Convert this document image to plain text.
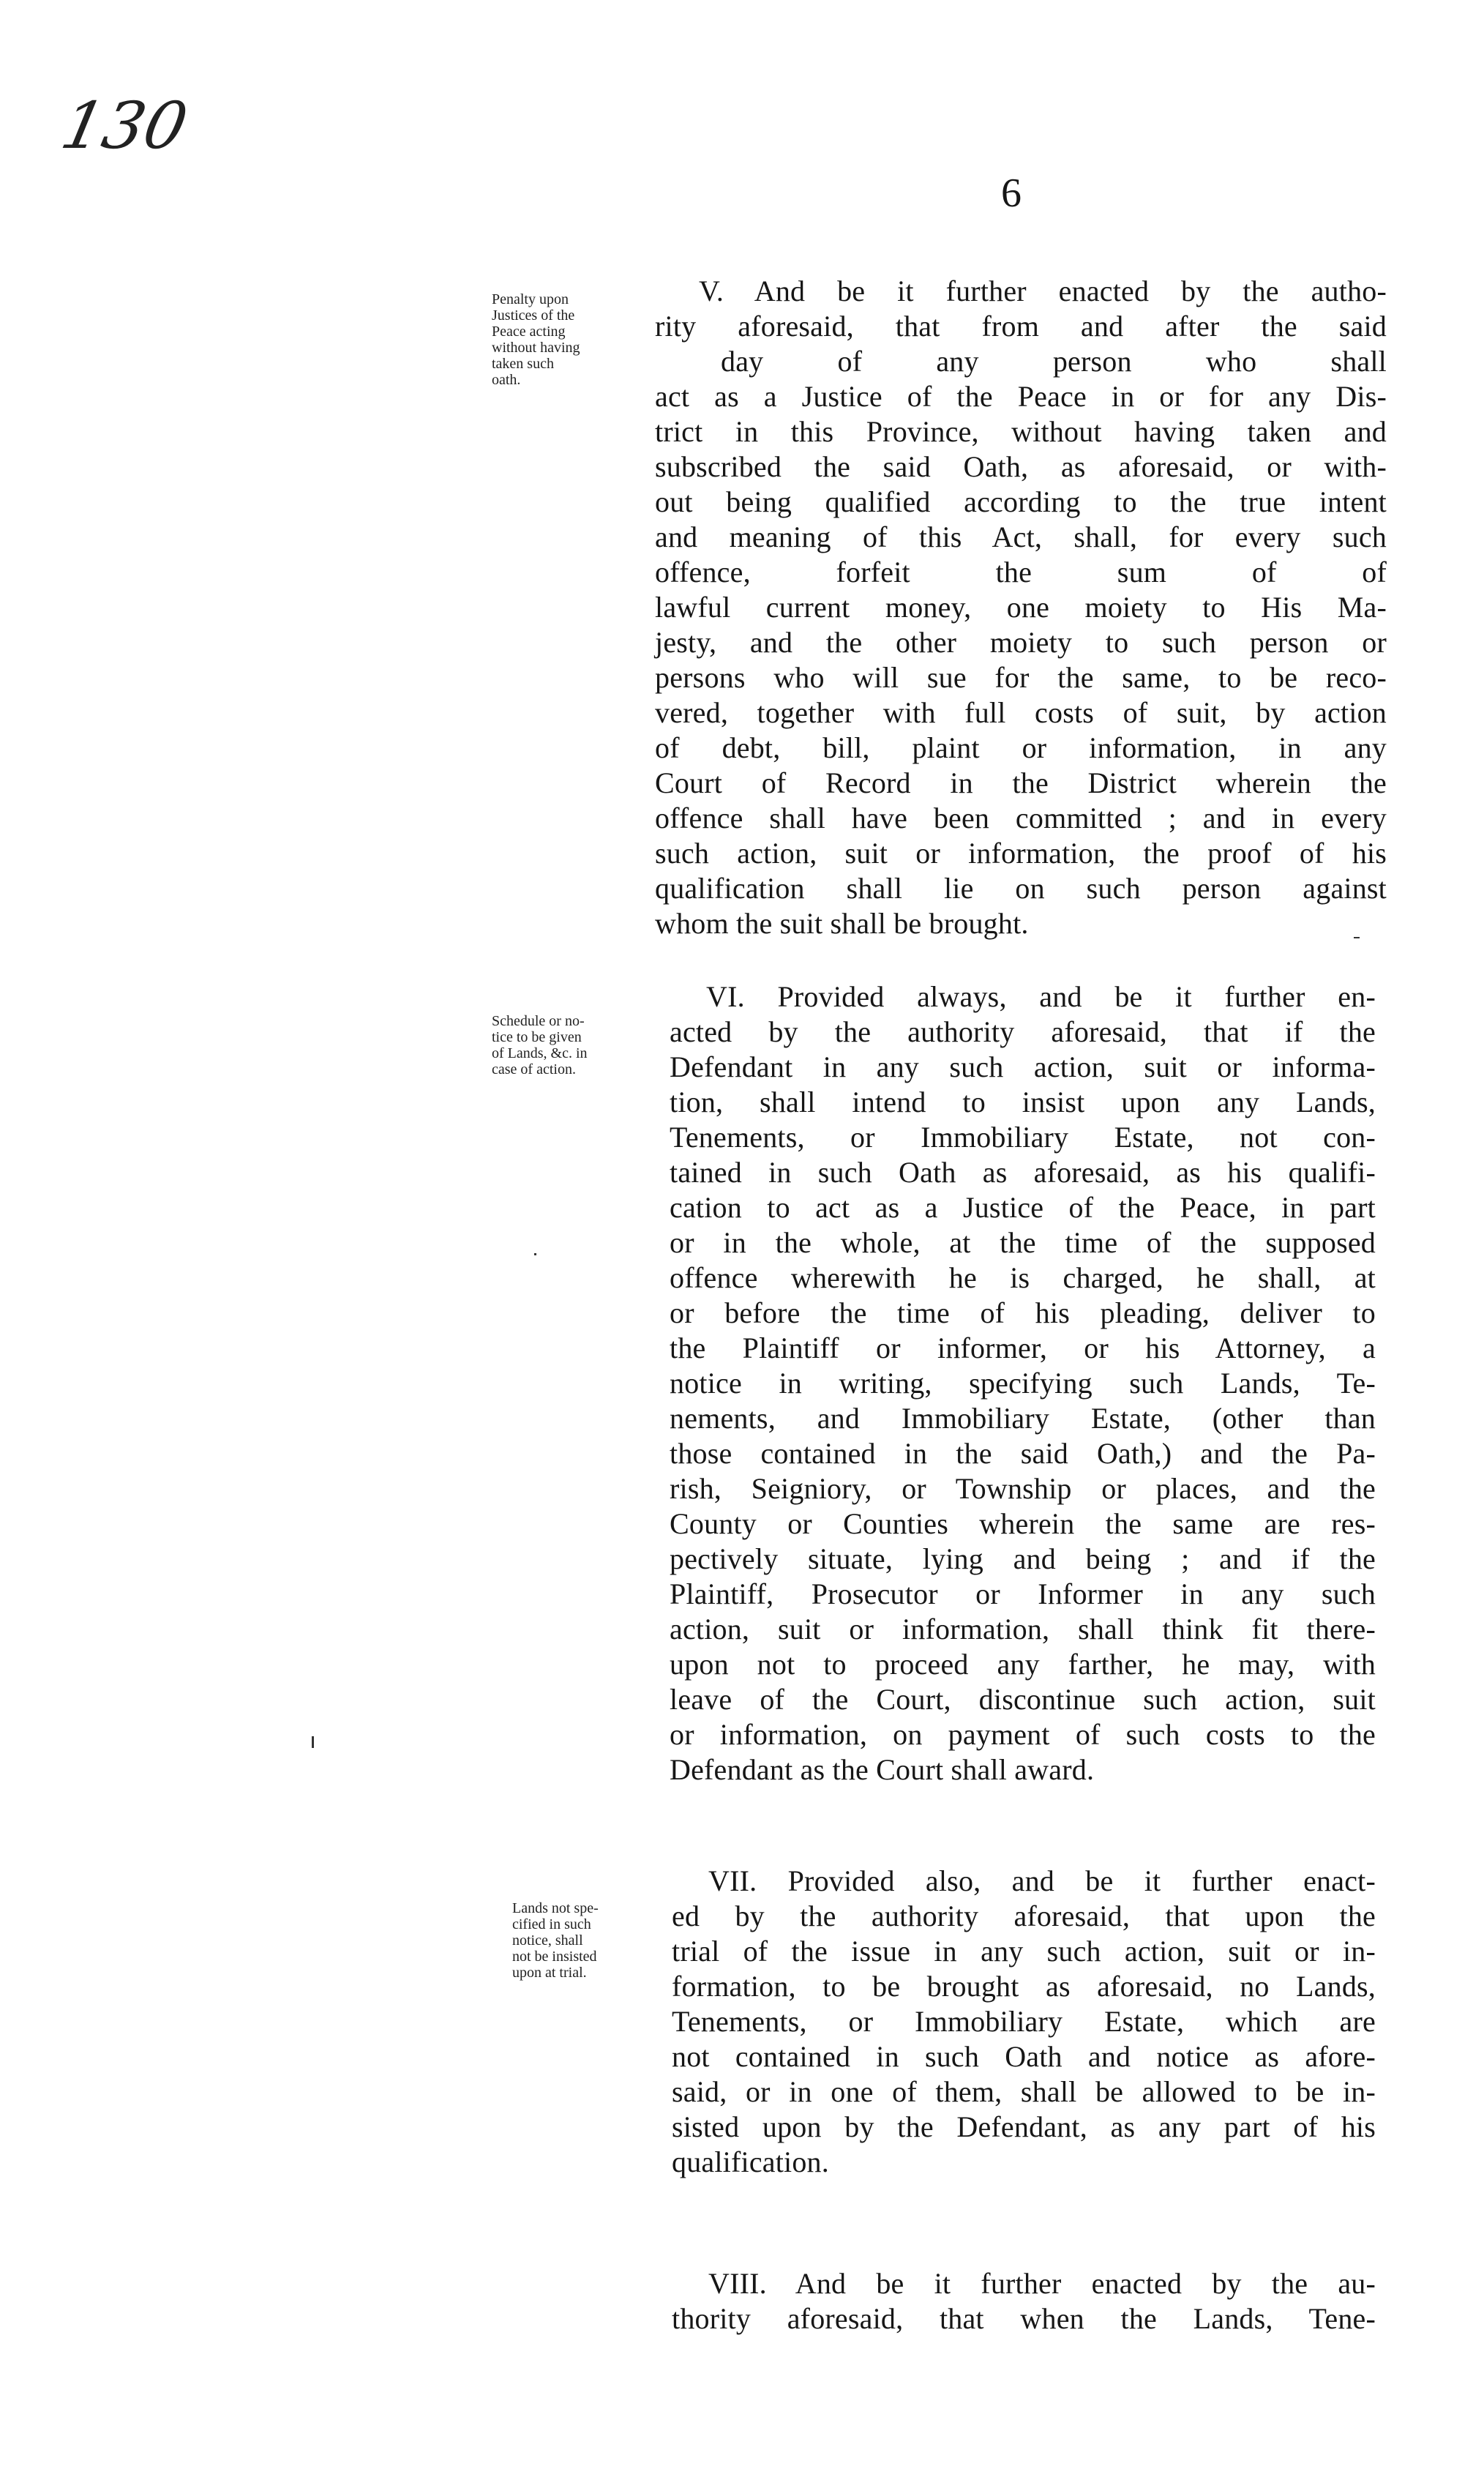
130
6
Penalty upon
Justices of the
Peace acting
without having
taken such
oath.

V. And be it further enacted by the autho-
rity aforesaid, that from and after the said
day of any person who shall
act as a Justice of the Peace in or for any Dis-
trict in this Province, without having taken and
subscribed the said Oath, as aforesaid, or with-
out being qualified according to the true intent
and meaning of this Act, shall, for every such
offence, forfeit the sum of of
lawful current money, one moiety to His Ma-
jesty, and the other moiety to such person or
persons who will sue for the same, to be reco-
vered, together with full costs of suit, by action
of debt, bill, plaint or information, in any
Court of Record in the District wherein the
offence shall have been committed ; and in every
such action, suit or information, the proof of his
qualification shall lie on such person against
whom the suit shall be brought.

Schedule or no-
tice to be given
of Lands, &c. in
case of action.

VI. Provided always, and be it further en-
acted by the authority aforesaid, that if the
Defendant in any such action, suit or informa-
tion, shall intend to insist upon any Lands,
Tenements, or Immobiliary Estate, not con-
tained in such Oath as aforesaid, as his qualifi-
cation to act as a Justice of the Peace, in part
or in the whole, at the time of the supposed
offence wherewith he is charged, he shall, at
or before the time of his pleading, deliver to
the Plaintiff or informer, or his Attorney, a
notice in writing, specifying such Lands, Te-
nements, and Immobiliary Estate, (other than
those contained in the said Oath,) and the Pa-
rish, Seigniory, or Township or places, and the
County or Counties wherein the same are res-
pectively situate, lying and being ; and if the
Plaintiff, Prosecutor or Informer in any such
action, suit or information, shall think fit there-
upon not to proceed any farther, he may, with
leave of the Court, discontinue such action, suit
or information, on payment of such costs to the
Defendant as the Court shall award.

Lands not spe-
cified in such
notice, shall
not be insisted
upon at trial.

VII. Provided also, and be it further enact-
ed by the authority aforesaid, that upon the
trial of the issue in any such action, suit or in-
formation, to be brought as aforesaid, no Lands,
Tenements, or Immobiliary Estate, which are
not contained in such Oath and notice as afore-
said, or in one of them, shall be allowed to be in-
sisted upon by the Defendant, as any part of his
qualification.

VIII. And be it further enacted by the au-
thority aforesaid, that when the Lands, Tene-
